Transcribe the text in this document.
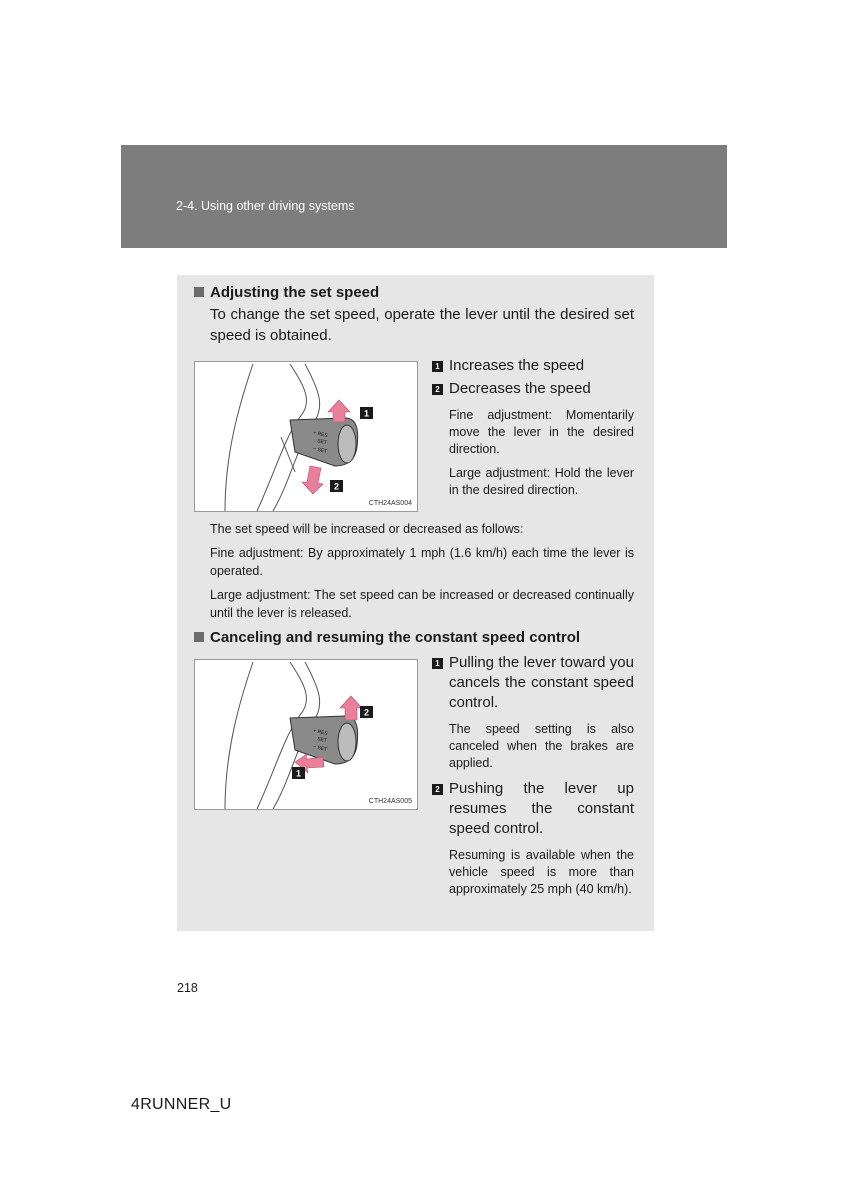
2-4. Using other driving systems
Adjusting the set speed
To change the set speed, operate the lever until the desired set speed is obtained.
+ RES
SET
− SET
1
2
CTH24AS004
1 Increases the speed
2 Decreases the speed
Fine adjustment: Momentarily move the lever in the desired direction.
Large adjustment: Hold the lever in the desired direction.
The set speed will be increased or decreased as follows:
Fine adjustment: By approximately 1 mph (1.6 km/h) each time the lever is operated.
Large adjustment: The set speed can be increased or decreased continually until the lever is released.
Canceling and resuming the constant speed control
+ RES
SET
− SET
2
1
CTH24AS005
1 Pulling the lever toward you cancels the constant speed control.
The speed setting is also canceled when the brakes are applied.
2 Pushing the lever up resumes the constant speed control.
Resuming is available when the vehicle speed is more than approximately 25 mph (40 km/h).
218
4RUNNER_U
